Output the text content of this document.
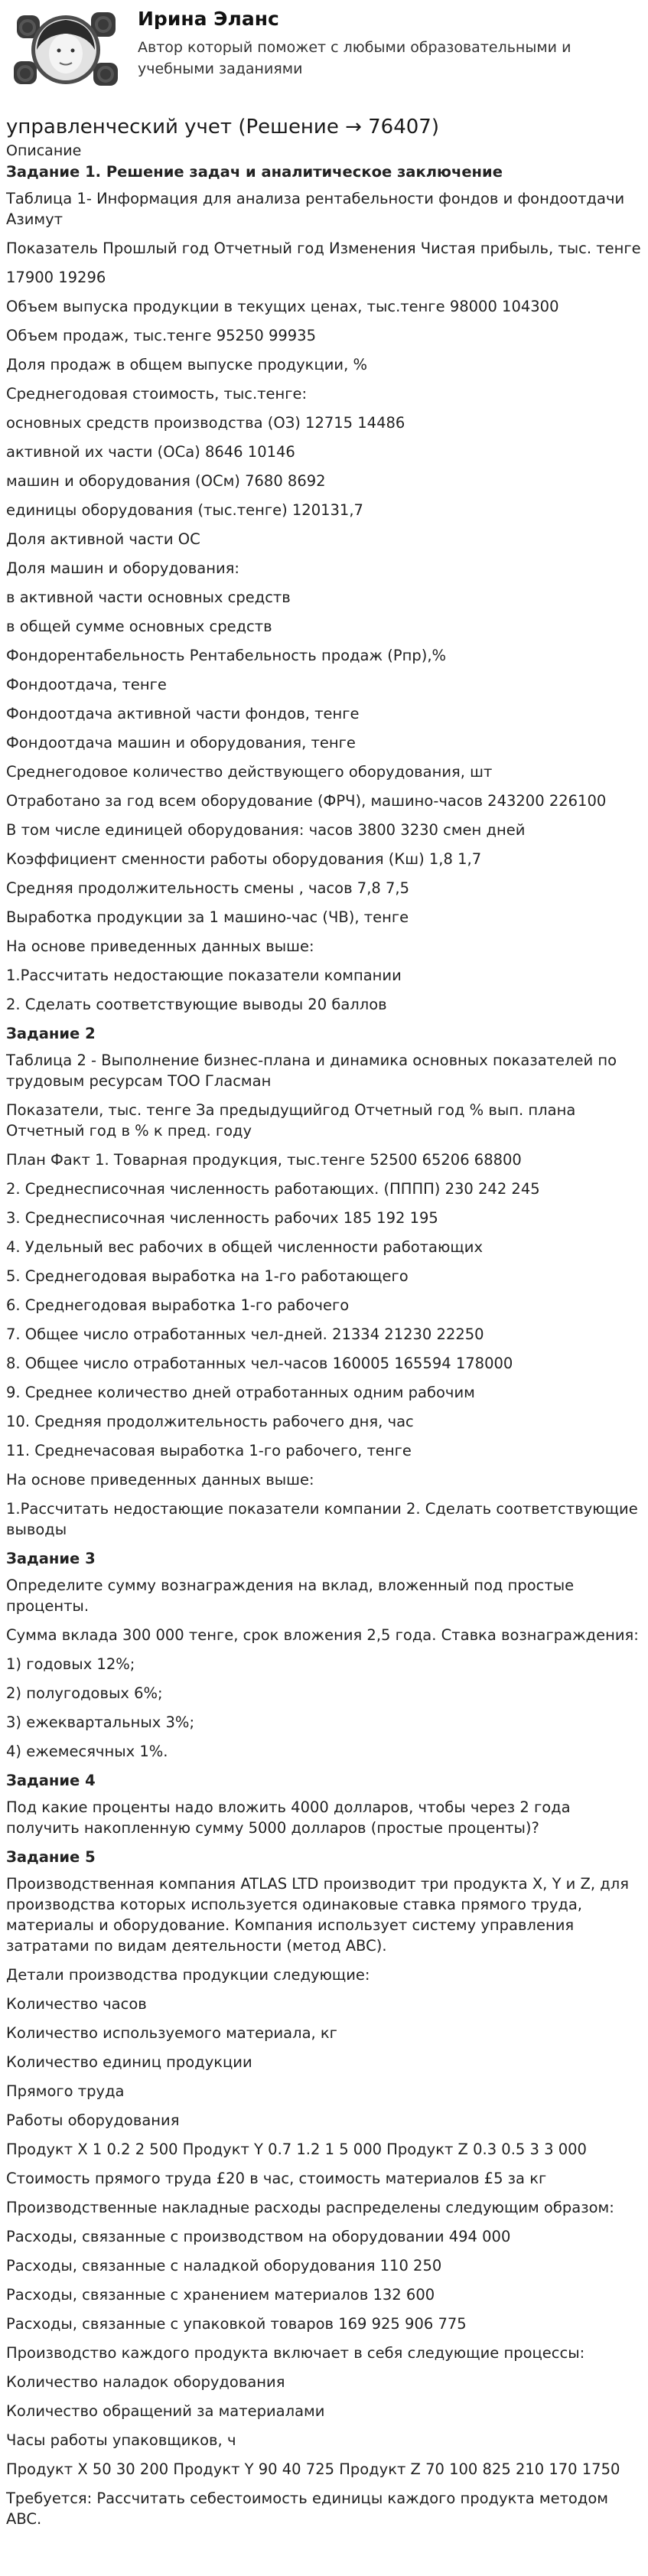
Ирина Эланс
Автор который поможет с любыми образовательными и учебными заданиями
управленческий учет (Решение → 76407)
Описание

Задание 1. Решение задач и аналитическое заключение

Таблица 1- Информация для анализа рентабельности фондов и фондоотдачи Азимут

Показатель Прошлый год Отчетный год Изменения Чистая прибыль, тыс. тенге

17900 19296

Объем выпуска продукции в текущих ценах, тыс.тенге 98000 104300

Объем продаж, тыс.тенге 95250 99935

Доля продаж в общем выпуске продукции, %

Среднегодовая стоимость, тыс.тенге:

основных средств производства (ОЗ) 12715 14486

активной их части (ОСа) 8646 10146

машин и оборудования (ОСм) 7680 8692

единицы оборудования (тыс.тенге) 120131,7

Доля активной части ОС

Доля машин и оборудования:

в активной части основных средств

в общей сумме основных средств

Фондорентабельность Рентабельность продаж (Рпр),%

Фондоотдача, тенге

Фондоотдача активной части фондов, тенге

Фондоотдача машин и оборудования, тенге

Среднегодовое количество действующего оборудования, шт

Отработано за год всем оборудование (ФРЧ), машино-часов 243200 226100

В том числе единицей оборудования: часов 3800 3230 смен дней

Коэффициент сменности работы оборудования (Кш) 1,8 1,7

Средняя продолжительность смены , часов 7,8 7,5

Выработка продукции за 1 машино-час (ЧВ), тенге

На основе приведенных данных выше:

1.Рассчитать недостающие показатели компании

2. Сделать соответствующие выводы 20 баллов

Задание 2

Таблица 2 - Выполнение бизнес-плана и динамика основных показателей по трудовым ресурсам ТОО Гласман

Показатели, тыс. тенге За предыдущийгод Отчетный год % вып. плана Отчетный год в % к пред. году

План Факт 1. Товарная продукция, тыс.тенге 52500 65206 68800

2. Среднесписочная численность работающих. (ПППП) 230 242 245

3. Среднесписочная численность рабочих 185 192 195

4. Удельный вес рабочих в общей численности работающих

5. Среднегодовая выработка на 1-го работающего

6. Среднегодовая выработка 1-го рабочего

7. Общее число отработанных чел-дней. 21334 21230 22250

8. Общее число отработанных чел-часов 160005 165594 178000

9. Среднее количество дней отработанных одним рабочим

10. Средняя продолжительность рабочего дня, час

11. Среднечасовая выработка 1-го рабочего, тенге

На основе приведенных данных выше:

1.Рассчитать недостающие показатели компании 2. Сделать соответствующие выводы

Задание 3

Определите сумму вознаграждения на вклад, вложенный под простые проценты.

Сумма вклада 300 000 тенге, срок вложения 2,5 года. Ставка вознаграждения:

1) годовых 12%;

2) полугодовых 6%;

3) ежеквартальных 3%;

4) ежемесячных 1%.

Задание 4

Под какие проценты надо вложить 4000 долларов, чтобы через 2 года получить накопленную сумму 5000 долларов (простые проценты)?

Задание 5

Производственная компания ATLAS LTD производит три продукта X, Y и Z, для производства которых используется одинаковые ставка прямого труда, материалы и оборудование. Компания использует систему управления затратами по видам деятельности (метод ABC).

Детали производства продукции следующие:

Количество часов

Количество используемого материала, кг

Количество единиц продукции

Прямого труда

Работы оборудования

Продукт X 1 0.2 2 500 Продукт Y 0.7 1.2 1 5 000 Продукт Z 0.3 0.5 3 3 000

Стоимость прямого труда £20 в час, стоимость материалов £5 за кг

Производственные накладные расходы распределены следующим образом:

Расходы, связанные с производством на оборудовании 494 000

Расходы, связанные с наладкой оборудования 110 250

Расходы, связанные с хранением материалов 132 600

Расходы, связанные с упаковкой товаров 169 925 906 775

Производство каждого продукта включает в себя следующие процессы:

Количество наладок оборудования

Количество обращений за материалами

Часы работы упаковщиков, ч

Продукт X 50 30 200 Продукт Y 90 40 725 Продукт Z 70 100 825 210 170 1750

Требуется: Рассчитать себестоимость единицы каждого продукта методом ABC.
